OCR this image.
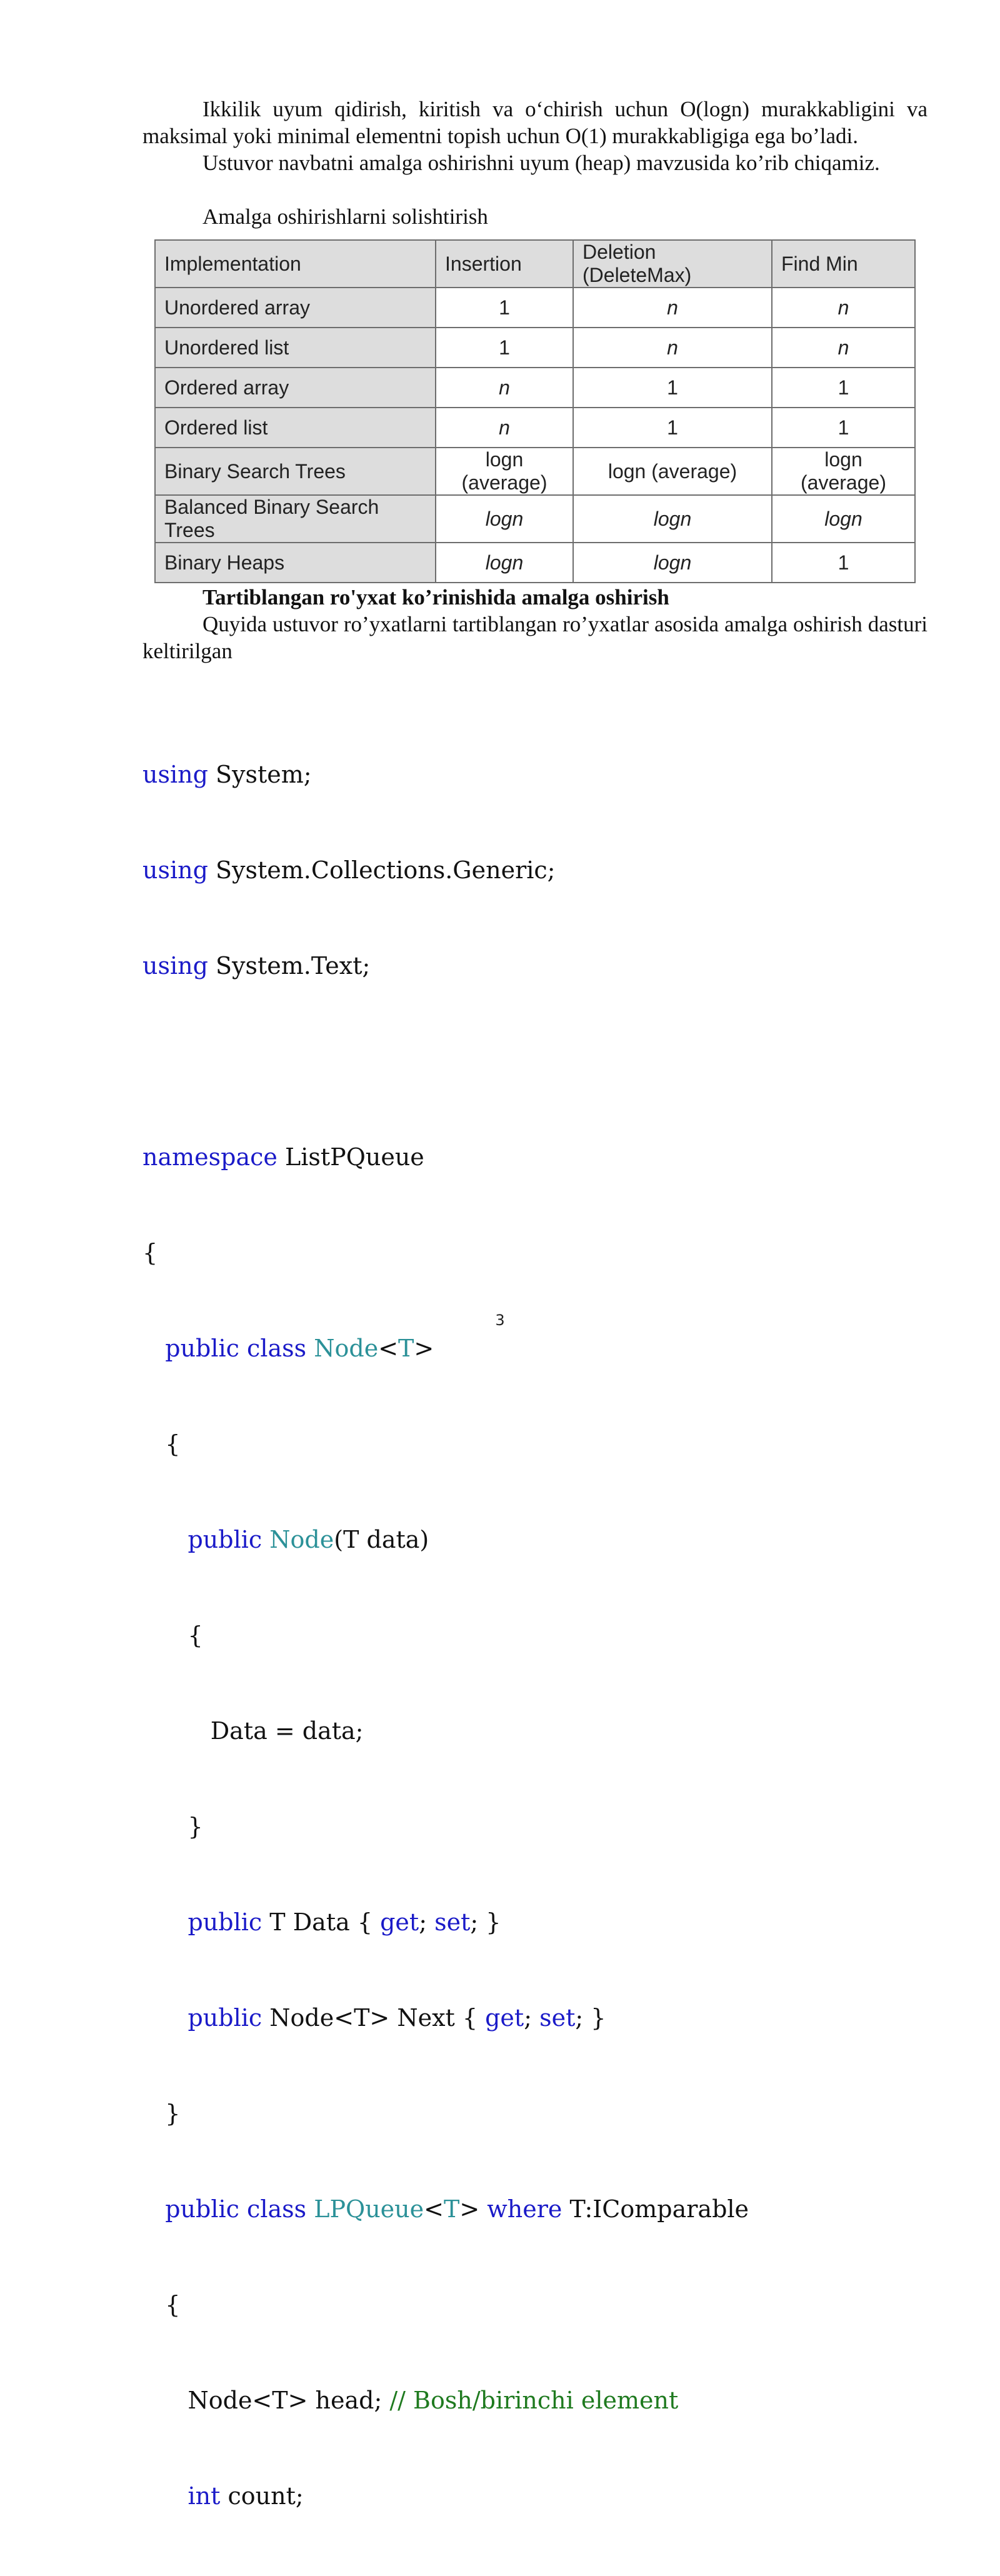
Ikkilik uyum qidirish, kiritish va o‘chirish uchun O(logn) murakkabligini va maksimal yoki minimal elementni topish uchun O(1) murakkabligiga ega bo’ladi.

Ustuvor navbatni amalga oshirishni uyum (heap) mavzusida ko’rib chiqamiz.

Amalga oshirishlarni solishtirish

Implementation	Insertion	Deletion (DeleteMax)	Find Min
Unordered array	1	n	n
Unordered list	1	n	n
Ordered array	n	1	1
Ordered list	n	1	1
Binary Search Trees	logn (average)	logn (average)	logn (average)
Balanced Binary Search Trees	logn	logn	logn
Binary Heaps	logn	logn	1

Tartiblangan ro'yxat ko’rinishida amalga oshirish

Quyida ustuvor ro’yxatlarni tartiblangan ro’yxatlar asosida amalga oshirish dasturi keltirilgan

using System;

using System.Collections.Generic;

using System.Text;

namespace ListPQueue

{

public class Node<T>

{

public Node(T data)

{

Data = data;

}

public T Data { get; set; }

public Node<T> Next { get; set; }

}

public class LPQueue<T> where T:IComparable

{

Node<T> head; // Bosh/birinchi element

int count;

3
